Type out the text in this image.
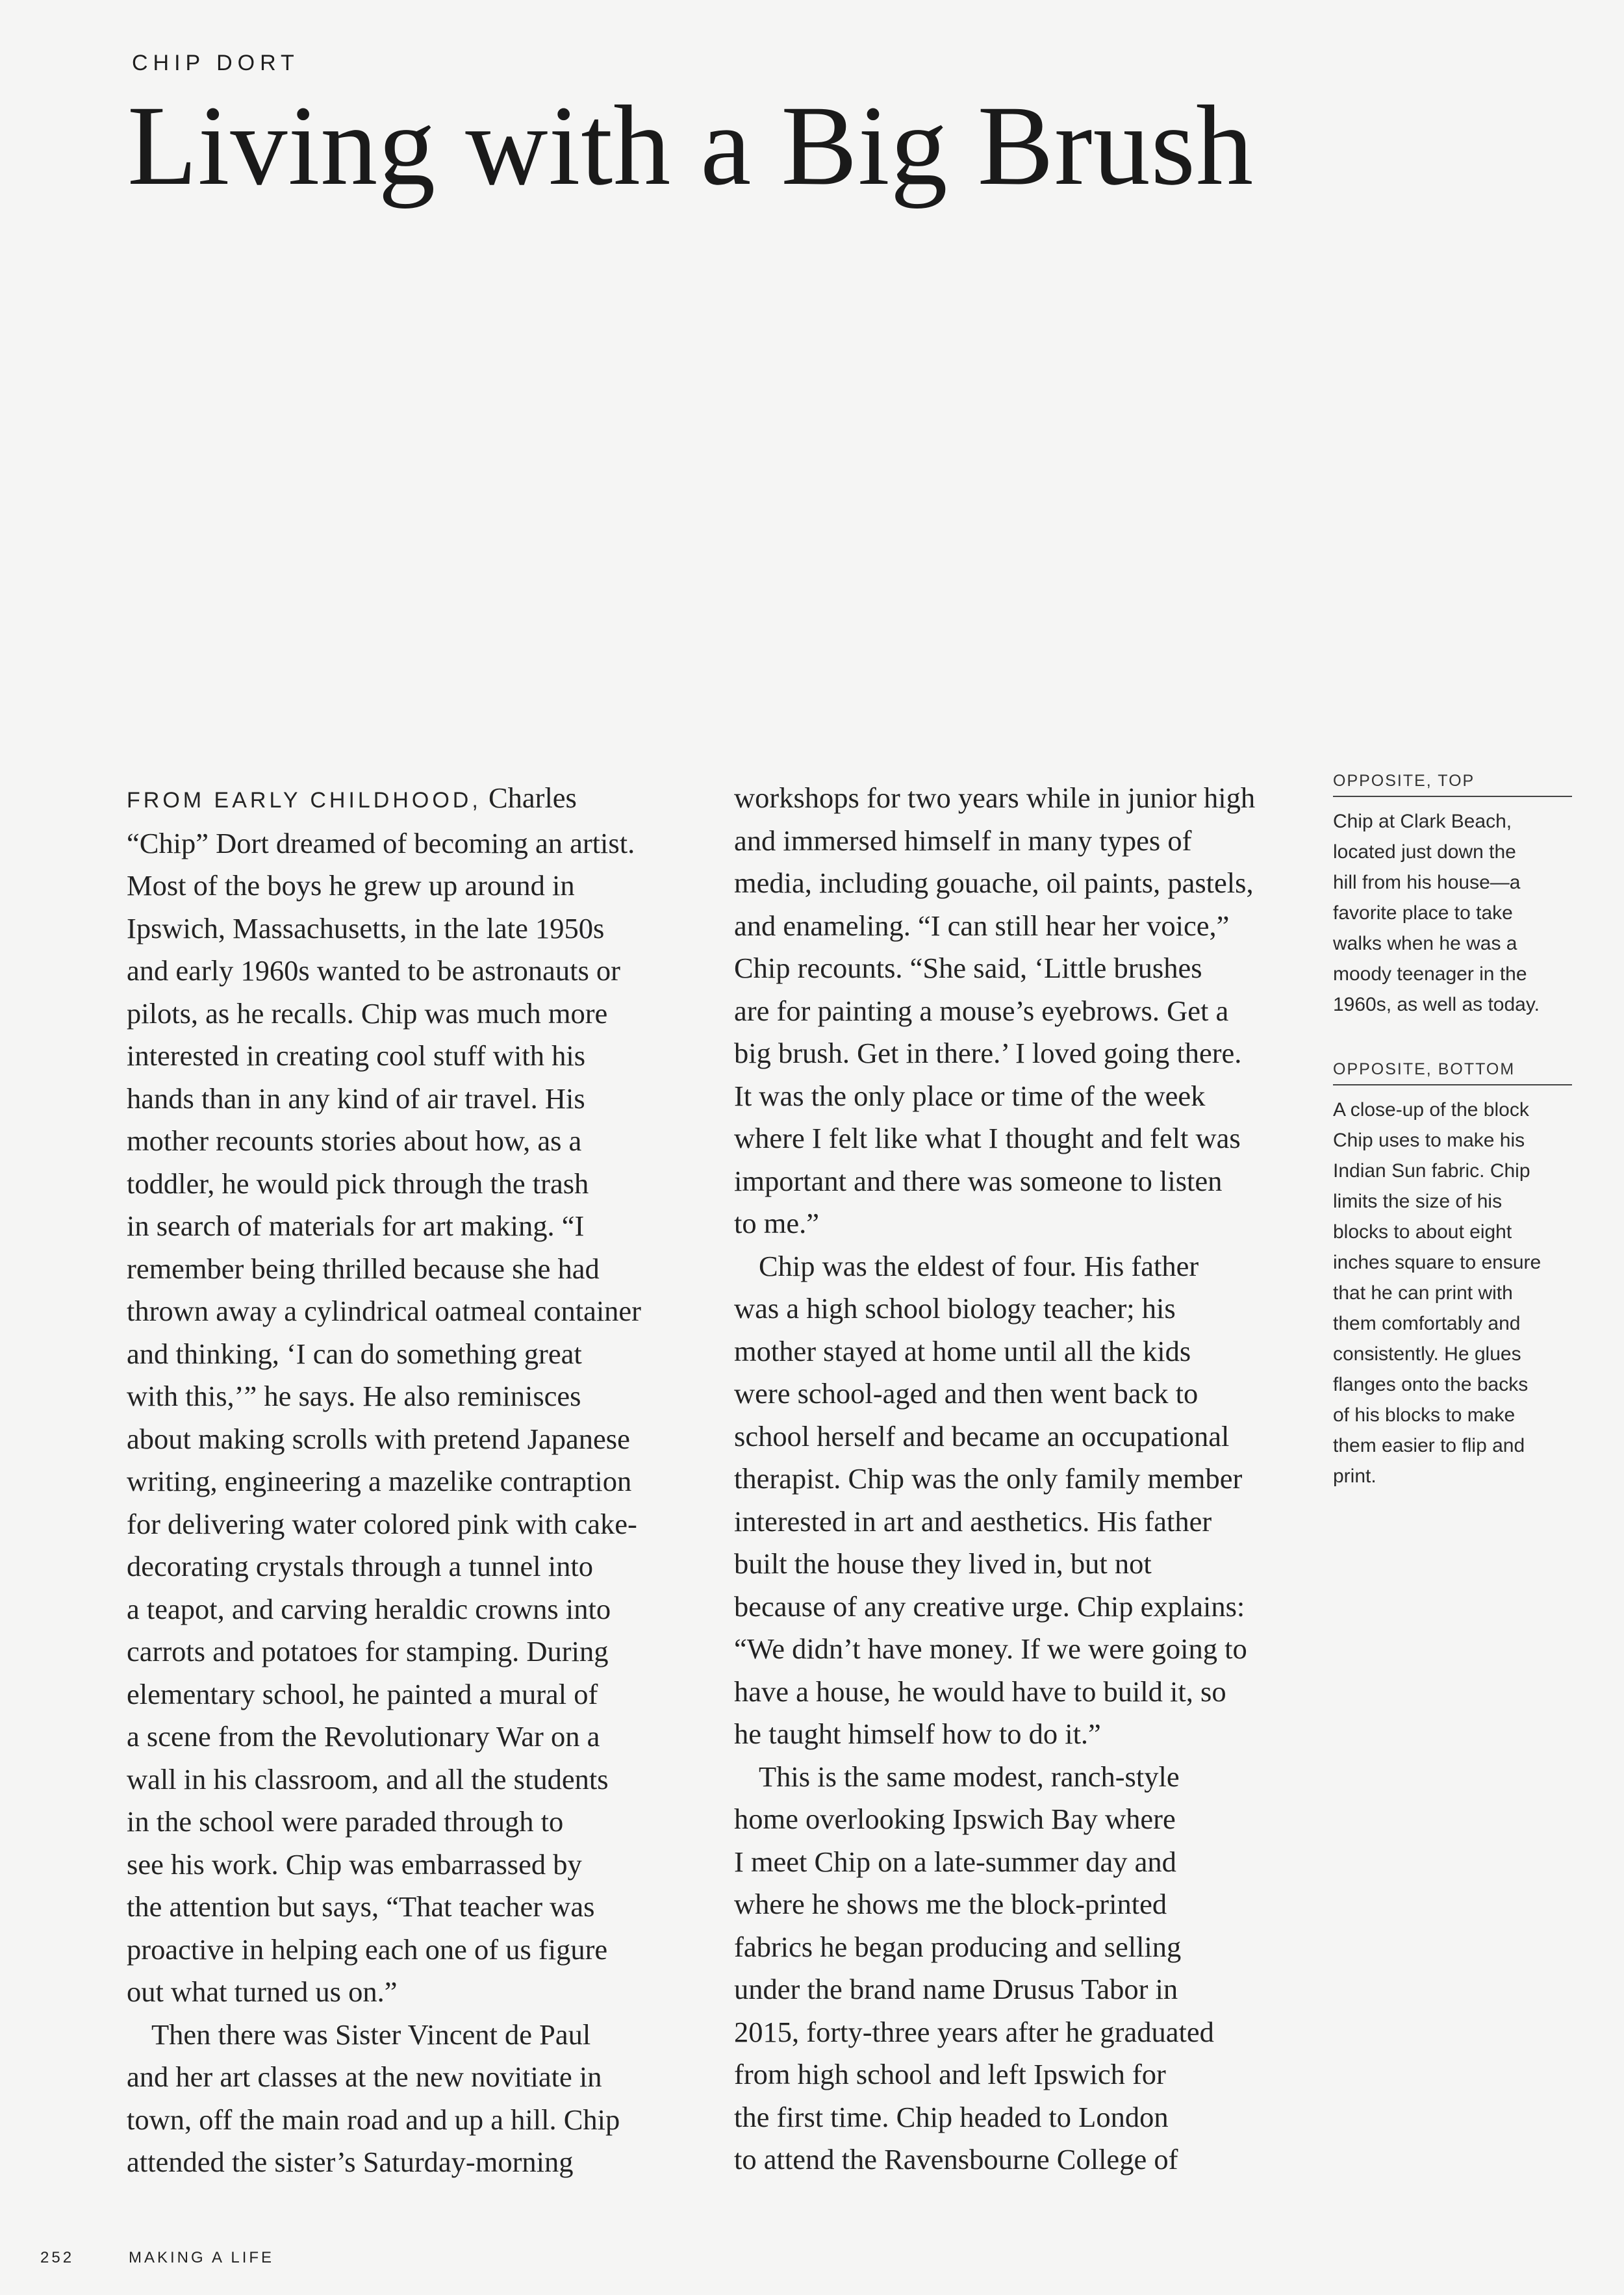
CHIP DORT
Living with a Big Brush

FROM EARLY CHILDHOOD, Charles
“Chip” Dort dreamed of becoming an artist.
Most of the boys he grew up around in
Ipswich, Massachusetts, in the late 1950s
and early 1960s wanted to be astronauts or
pilots, as he recalls. Chip was much more
interested in creating cool stuff with his
hands than in any kind of air travel. His
mother recounts stories about how, as a
toddler, he would pick through the trash
in search of materials for art making. “I
remember being thrilled because she had
thrown away a cylindrical oatmeal container
and thinking, ‘I can do something great
with this,’” he says. He also reminisces
about making scrolls with pretend Japanese
writing, engineering a mazelike contraption
for delivering water colored pink with cake-
decorating crystals through a tunnel into
a teapot, and carving heraldic crowns into
carrots and potatoes for stamping. During
elementary school, he painted a mural of
a scene from the Revolutionary War on a
wall in his classroom, and all the students
in the school were paraded through to
see his work. Chip was embarrassed by
the attention but says, “That teacher was
proactive in helping each one of us figure
out what turned us on.”

Then there was Sister Vincent de Paul
and her art classes at the new novitiate in
town, off the main road and up a hill. Chip
attended the sister’s Saturday-morning

workshops for two years while in junior high
and immersed himself in many types of
media, including gouache, oil paints, pastels,
and enameling. “I can still hear her voice,”
Chip recounts. “She said, ‘Little brushes
are for painting a mouse’s eyebrows. Get a
big brush. Get in there.’ I loved going there.
It was the only place or time of the week
where I felt like what I thought and felt was
important and there was someone to listen
to me.”

Chip was the eldest of four. His father
was a high school biology teacher; his
mother stayed at home until all the kids
were school-aged and then went back to
school herself and became an occupational
therapist. Chip was the only family member
interested in art and aesthetics. His father
built the house they lived in, but not
because of any creative urge. Chip explains:
“We didn’t have money. If we were going to
have a house, he would have to build it, so
he taught himself how to do it.”

This is the same modest, ranch-style
home overlooking Ipswich Bay where
I meet Chip on a late-summer day and
where he shows me the block-printed
fabrics he began producing and selling
under the brand name Drusus Tabor in
2015, forty-three years after he graduated
from high school and left Ipswich for
the first time. Chip headed to London
to attend the Ravensbourne College of

OPPOSITE, TOP
Chip at Clark Beach,
located just down the
hill from his house—a
favorite place to take
walks when he was a
moody teenager in the
1960s, as well as today.
OPPOSITE, BOTTOM
A close-up of the block
Chip uses to make his
Indian Sun fabric. Chip
limits the size of his
blocks to about eight
inches square to ensure
that he can print with
them comfortably and
consistently. He glues
flanges onto the backs
of his blocks to make
them easier to flip and
print.
252	MAKING A LIFE
